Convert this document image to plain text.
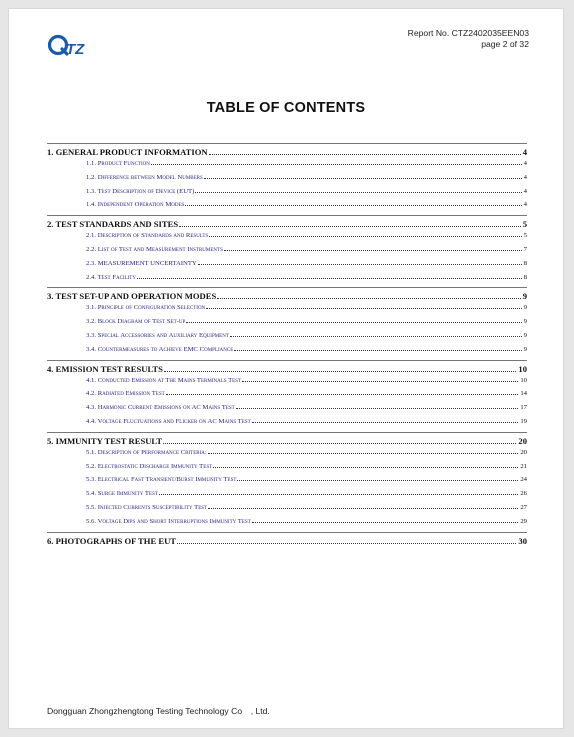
TZ
Report No. CTZ2402035EEN03
page 2 of 32
TABLE OF CONTENTS
1. GENERAL PRODUCT INFORMATION	4
1.1. Product Function	4
1.2. Difference between Model Numbers	4
1.3. Test Description of Device (EUT)	4
1.4. Independent Operation Modes	4
2. TEST STANDARDS AND SITES	5
2.1. Description of Standards and Results	5
2.2. List of Test and Measurement Instruments	7
2.3. MEASUREMENT UNCERTAINTY	8
2.4. Test Facility	8
3. TEST SET-UP AND OPERATION MODES	9
3.1. Principle of Configuration Selection	9
3.2. Block Diagram of Test Set-up	9
3.3. Special Accessories and Auxiliary Equipment	9
3.4. Countermeasures to Achieve EMC Compliance	9
4. EMISSION TEST RESULTS	10
4.1. Conducted Emission at The Mains Terminals Test	10
4.2. Radiated Emission Test	14
4.3. Harmonic Current Emissions on AC Mains Test	17
4.4. Voltage Fluctuations and Flicker on AC Mains Test	19
5. IMMUNITY TEST RESULT	20
5.1. Description of Performance Criteria:	20
5.2. Electrostatic Discharge Immunity Test	21
5.3. Electrical Fast Transient/Burst Immunity Test	24
5.4. Surge Immunity Test	26
5.5. Injected Currents Susceptibility Test	27
5.6. Voltage Dips and Short Interruptions Immunity Test	29
6. PHOTOGRAPHS OF THE EUT	30
Dongguan Zhongzhengtong Testing Technology Co　, Ltd.
